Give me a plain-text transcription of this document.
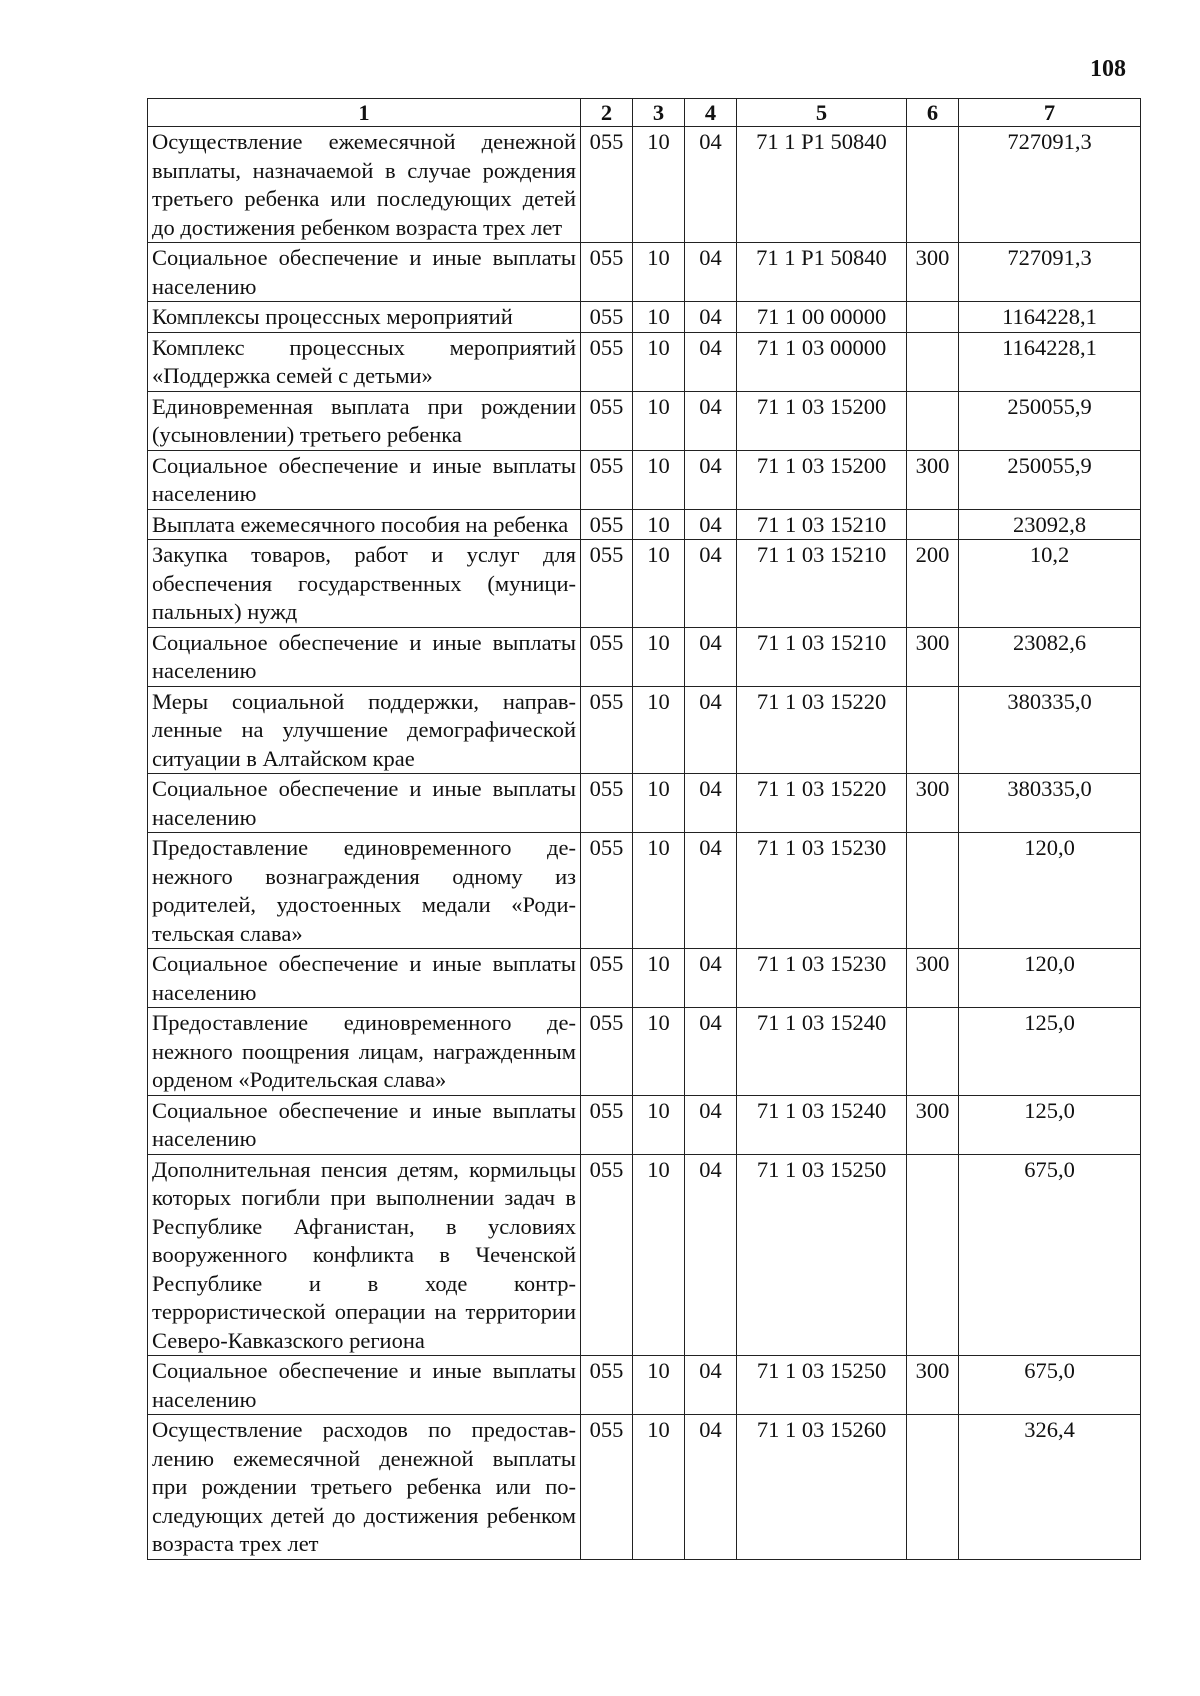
108
1	2	3	4	5	6	7
Осуществление ежемесячной денежной выплаты, назначаемой в случае рождения третьего ребенка или последующих детей до достижения ребенком возраста трех лет	055	10	04	71 1 P1 50840		727091,3
Социальное обеспечение и иные выплаты населению	055	10	04	71 1 P1 50840	300	727091,3
Комплексы процессных мероприятий	055	10	04	71 1 00 00000		1164228,1
Комплекс процессных мероприятий «Поддержка семей с детьми»	055	10	04	71 1 03 00000		1164228,1
Единовременная выплата при рождении (усыновлении) третьего ребенка	055	10	04	71 1 03 15200		250055,9
Социальное обеспечение и иные выплаты населению	055	10	04	71 1 03 15200	300	250055,9
Выплата ежемесячного пособия на ребенка	055	10	04	71 1 03 15210		23092,8
Закупка товаров, работ и услуг для обеспечения государственных (муниципальных) нужд	055	10	04	71 1 03 15210	200	10,2
Социальное обеспечение и иные выплаты населению	055	10	04	71 1 03 15210	300	23082,6
Меры социальной поддержки, направленные на улучшение демографической ситуации в Алтайском крае	055	10	04	71 1 03 15220		380335,0
Социальное обеспечение и иные выплаты населению	055	10	04	71 1 03 15220	300	380335,0
Предоставление единовременного денежного вознаграждения одному из родителей, удостоенных медали «Родительская слава»	055	10	04	71 1 03 15230		120,0
Социальное обеспечение и иные выплаты населению	055	10	04	71 1 03 15230	300	120,0
Предоставление единовременного денежного поощрения лицам, награжденным орденом «Родительская слава»	055	10	04	71 1 03 15240		125,0
Социальное обеспечение и иные выплаты населению	055	10	04	71 1 03 15240	300	125,0
Дополнительная пенсия детям, кормильцы которых погибли при выполнении задач в Республике Афганистан, в условиях вооруженного конфликта в Чеченской Республике и в ходе контртеррористической операции на территории Северо-Кавказского региона	055	10	04	71 1 03 15250		675,0
Социальное обеспечение и иные выплаты населению	055	10	04	71 1 03 15250	300	675,0
Осуществление расходов по предоставлению ежемесячной денежной выплаты при рождении третьего ребенка или последующих детей до достижения ребенком возраста трех лет	055	10	04	71 1 03 15260		326,4
